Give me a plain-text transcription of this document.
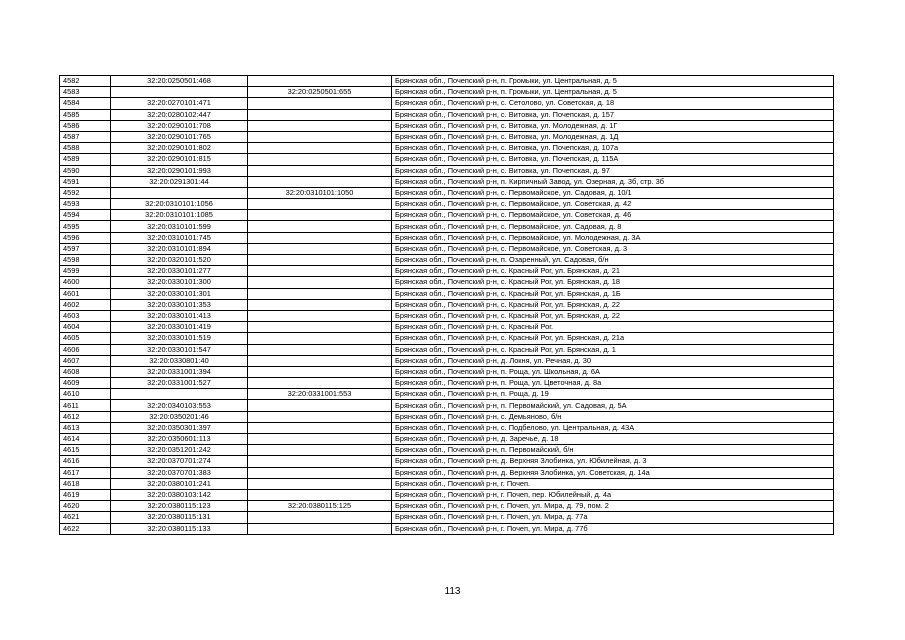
4582	32:20:0250501:468		Брянская обл., Почепский р-н, п. Громыки, ул. Центральная, д. 5
4583		32:20:0250501:655	Брянская обл., Почепский р-н, п. Громыки, ул. Центральная, д. 5
4584	32:20:0270101:471		Брянская обл., Почепский р-н, с. Сетолово, ул. Советская, д. 18
4585	32:20:0280102:447		Брянская обл., Почепский р-н, с. Витовка, ул. Почепская, д. 157
4586	32:20:0290101:708		Брянская обл., Почепский р-н, с. Витовка, ул. Молодежная, д. 1Г
4587	32:20:0290101:765		Брянская обл., Почепский р-н, с. Витовка, ул. Молодежная, д. 1Д
4588	32:20:0290101:802		Брянская обл., Почепский р-н, с. Витовка, ул. Почепская, д. 107а
4589	32:20:0290101:815		Брянская обл., Почепский р-н, с. Витовка, ул. Почепская, д. 115А
4590	32:20:0290101:993		Брянская обл., Почепский р-н, с. Витовка, ул. Почепская, д. 97
4591	32:20:0291301:44		Брянская обл., Почепский р-н, п. Кирпичный Завод, ул. Озерная, д. 3б, стр. 3б
4592		32:20:0310101:1050	Брянская обл., Почепский р-н, с. Первомайское, ул. Садовая, д. 10/1
4593	32:20:0310101:1056		Брянская обл., Почепский р-н, с. Первомайское, ул. Советская, д. 42
4594	32:20:0310101:1085		Брянская обл., Почепский р-н, с. Первомайское, ул. Советская, д. 46
4595	32:20:0310101:599		Брянская обл., Почепский р-н, с. Первомайское, ул. Садовая, д. 8
4596	32:20:0310101:745		Брянская обл., Почепский р-н, с. Первомайское, ул. Молодежная, д. 3А
4597	32:20:0310101:894		Брянская обл., Почепский р-н, с. Первомайское, ул. Советская, д. 3
4598	32:20:0320101:520		Брянская обл., Почепский р-н, п. Озаренный, ул. Садовая, б/н
4599	32:20:0330101:277		Брянская обл., Почепский р-н, с. Красный Рог, ул. Брянская, д. 21
4600	32:20:0330101:300		Брянская обл., Почепский р-н, с. Красный Рог, ул. Брянская, д. 18
4601	32:20:0330101:301		Брянская обл., Почепский р-н, с. Красный Рог, ул. Брянская, д. 1Б
4602	32:20:0330101:353		Брянская обл., Почепский р-н, с. Красный Рог, ул. Брянская, д. 22
4603	32:20:0330101:413		Брянская обл., Почепский р-н, с. Красный Рог, ул. Брянская, д. 22
4604	32:20:0330101:419		Брянская обл., Почепский р-н, с. Красный Рог.
4605	32:20:0330101:519		Брянская обл., Почепский р-н, с. Красный Рог, ул. Брянская, д. 21а
4606	32:20:0330101:547		Брянская обл., Почепский р-н, с. Красный Рог, ул. Брянская, д. 1
4607	32:20:0330801:40		Брянская обл., Почепский р-н, д. Локня, ул. Речная, д. 30
4608	32:20:0331001:394		Брянская обл., Почепский р-н, п. Роща, ул. Школьная, д. 6А
4609	32:20:0331001:527		Брянская обл., Почепский р-н, п. Роща, ул. Цветочная, д. 8а
4610		32:20:0331001:553	Брянская обл., Почепский р-н, п. Роща, д. 19
4611	32:20:0340103:553		Брянская обл., Почепский р-н, п. Первомайский, ул. Садовая, д. 5А
4612	32:20:0350201:46		Брянская обл., Почепский р-н, с. Демьяново, б/н
4613	32:20:0350301:397		Брянская обл., Почепский р-н, с. Подбелово, ул. Центральная, д. 43А
4614	32:20:0350601:113		Брянская обл., Почепский р-н, д. Заречье, д. 18
4615	32:20:0351201:242		Брянская обл., Почепский р-н, п. Первомайский, б/н
4616	32:20:0370701:274		Брянская обл., Почепский р-н, д. Верхняя Злобинка, ул. Юбилейная, д. 3
4617	32:20:0370701:383		Брянская обл., Почепский р-н, д. Верхняя Злобинка, ул. Советская, д. 14а
4618	32:20:0380101:241		Брянская обл., Почепский р-н, г. Почеп.
4619	32:20:0380103:142		Брянская обл., Почепский р-н, г. Почеп, пер. Юбилейный, д. 4а
4620	32:20:0380115:123	32:20:0380115:125	Брянская обл., Почепский р-н, г. Почеп, ул. Мира, д. 79, пом. 2
4621	32:20:0380115:131		Брянская обл., Почепский р-н, г. Почеп, ул. Мира, д. 77а
4622	32:20:0380115:133		Брянская обл., Почепский р-н, г. Почеп, ул. Мира, д. 77б
113
